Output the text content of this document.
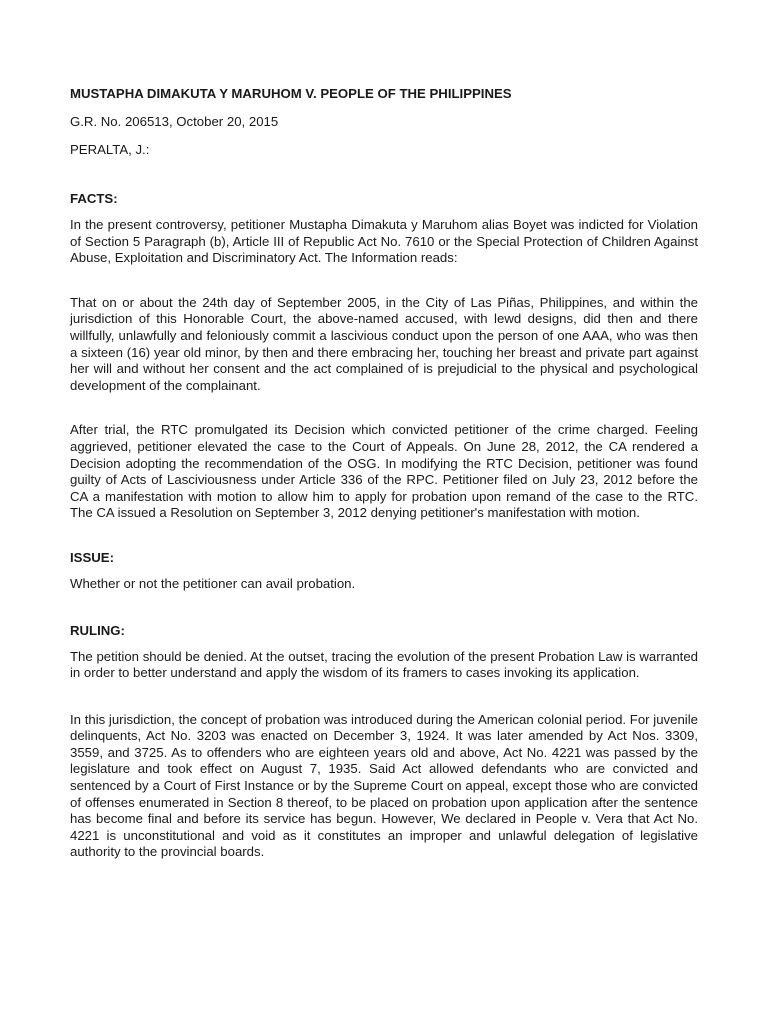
MUSTAPHA DIMAKUTA Y MARUHOM V. PEOPLE OF THE PHILIPPINES

G.R. No. 206513, October 20, 2015

PERALTA, J.:

FACTS:

In the present controversy, petitioner Mustapha Dimakuta y Maruhom alias Boyet was indicted for Violation of Section 5 Paragraph (b), Article III of Republic Act No. 7610 or the Special Protection of Children Against Abuse, Exploitation and Discriminatory Act. The Information reads:

That on or about the 24th day of September 2005, in the City of Las Piñas, Philippines, and within the jurisdiction of this Honorable Court, the above-named accused, with lewd designs, did then and there willfully, unlawfully and feloniously commit a lascivious conduct upon the person of one AAA, who was then a sixteen (16) year old minor, by then and there embracing her, touching her breast and private part against her will and without her consent and the act complained of is prejudicial to the physical and psychological development of the complainant.

After trial, the RTC promulgated its Decision which convicted petitioner of the crime charged. Feeling aggrieved, petitioner elevated the case to the Court of Appeals. On June 28, 2012, the CA rendered a Decision adopting the recommendation of the OSG. In modifying the RTC Decision, petitioner was found guilty of Acts of Lasciviousness under Article 336 of the RPC. Petitioner filed on July 23, 2012 before the CA a manifestation with motion to allow him to apply for probation upon remand of the case to the RTC. The CA issued a Resolution on September 3, 2012 denying petitioner's manifestation with motion.

ISSUE:

Whether or not the petitioner can avail probation.

RULING:

The petition should be denied. At the outset, tracing the evolution of the present Probation Law is warranted in order to better understand and apply the wisdom of its framers to cases invoking its application.

In this jurisdiction, the concept of probation was introduced during the American colonial period. For juvenile delinquents, Act No. 3203 was enacted on December 3, 1924. It was later amended by Act Nos. 3309, 3559, and 3725. As to offenders who are eighteen years old and above, Act No. 4221 was passed by the legislature and took effect on August 7, 1935. Said Act allowed defendants who are convicted and sentenced by a Court of First Instance or by the Supreme Court on appeal, except those who are convicted of offenses enumerated in Section 8 thereof, to be placed on probation upon application after the sentence has become final and before its service has begun. However, We declared in People v. Vera that Act No. 4221 is unconstitutional and void as it constitutes an improper and unlawful delegation of legislative authority to the provincial boards.
